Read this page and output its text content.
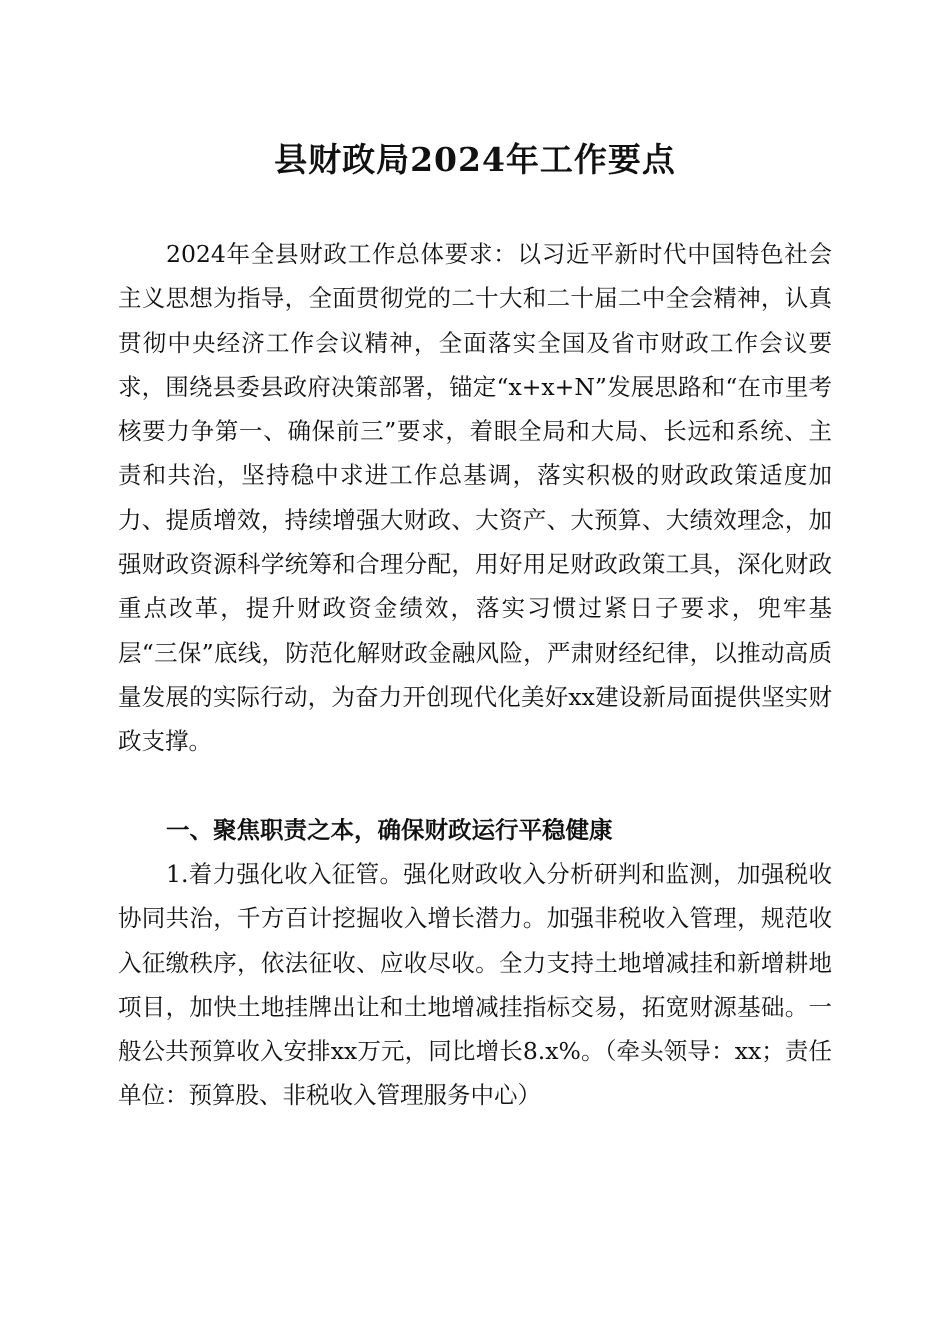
县财政局2024年工作要点

2024年全县财政工作总体要求：以习近平新时代中国特色社会主义思想为指导，全面贯彻党的二十大和二十届二中全会精神，认真贯彻中央经济工作会议精神，全面落实全国及省市财政工作会议要求，围绕县委县政府决策部署，锚定“x+x+N”发展思路和“在市里考核要力争第一、确保前三”要求，着眼全局和大局、长远和系统、主责和共治，坚持稳中求进工作总基调，落实积极的财政政策适度加力、提质增效，持续增强大财政、大资产、大预算、大绩效理念，加强财政资源科学统筹和合理分配，用好用足财政政策工具，深化财政重点改革，提升财政资金绩效，落实习惯过紧日子要求，兜牢基层“三保”底线，防范化解财政金融风险，严肃财经纪律，以推动高质量发展的实际行动，为奋力开创现代化美好xx建设新局面提供坚实财政支撑。

一、聚焦职责之本，确保财政运行平稳健康

1.着力强化收入征管。强化财政收入分析研判和监测，加强税收协同共治，千方百计挖掘收入增长潜力。加强非税收入管理，规范收入征缴秩序，依法征收、应收尽收。全力支持土地增减挂和新增耕地项目，加快土地挂牌出让和土地增减挂指标交易，拓宽财源基础。一般公共预算收入安排xx万元，同比增长8.x%。（牵头领导：xx；责任单位：预算股、非税收入管理服务中心）
